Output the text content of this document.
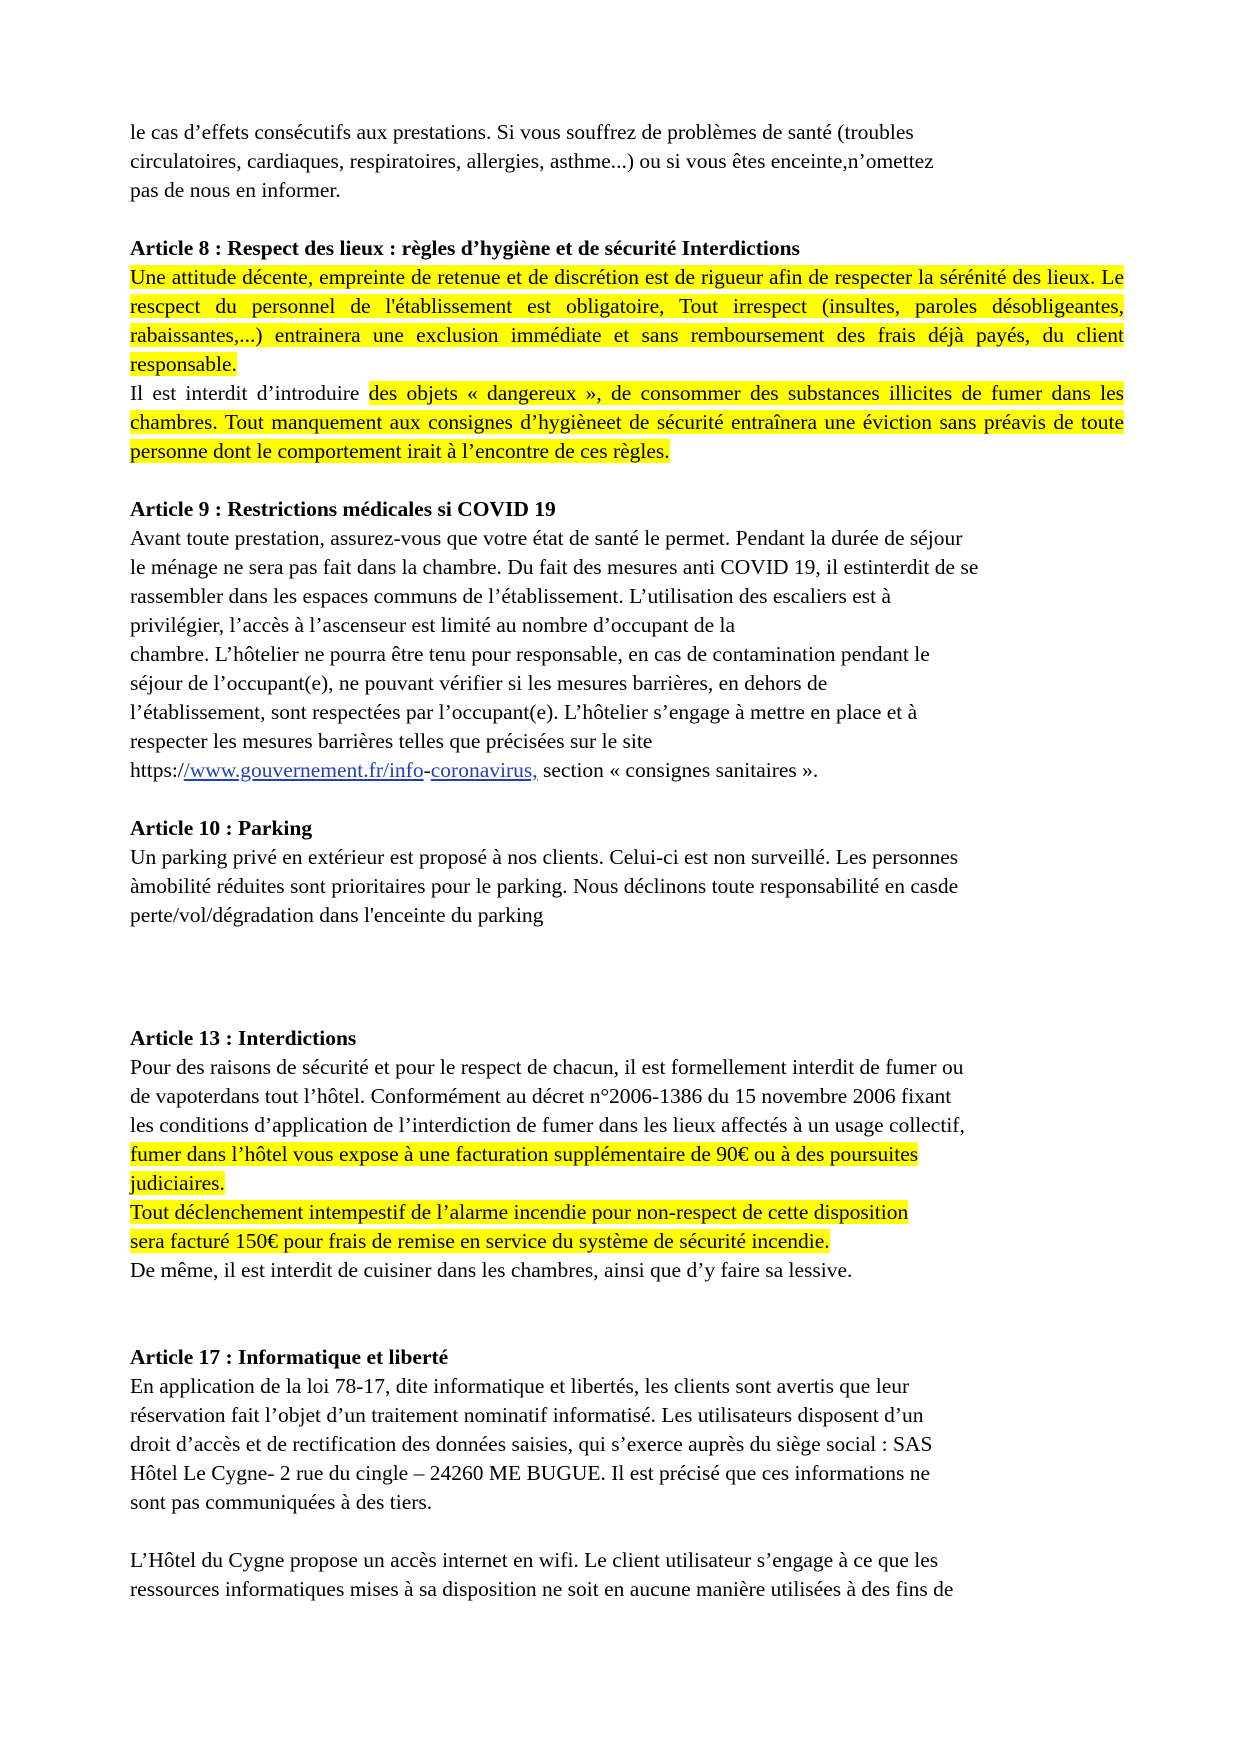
le cas d’effets consécutifs aux prestations. Si vous souffrez de problèmes de santé (troubles

circulatoires, cardiaques, respiratoires, allergies, asthme...) ou si vous êtes enceinte,n’omettez

pas de nous en informer.

Article 8 : Respect des lieux : règles d’hygiène et de sécurité Interdictions

Une attitude décente, empreinte de retenue et de discrétion est de rigueur afin de respecter la sérénité des lieux. Le rescpect du personnel de l'établissement est obligatoire, Tout irrespect (insultes, paroles désobligeantes, rabaissantes,...) entrainera une exclusion immédiate et sans remboursement des frais déjà payés, du client responsable.

Il est interdit d’introduire des objets « dangereux », de consommer des substances illicites de fumer dans les chambres. Tout manquement aux consignes d’hygièneet de sécurité entraînera une éviction sans préavis de toute personne dont le comportement irait à l’encontre de ces règles.

Article 9 : Restrictions médicales si COVID 19

Avant toute prestation, assurez-vous que votre état de santé le permet. Pendant la durée de séjour

le ménage ne sera pas fait dans la chambre. Du fait des mesures anti COVID 19, il estinterdit de se

rassembler dans les espaces communs de l’établissement. L’utilisation des escaliers est à

privilégier, l’accès à l’ascenseur est limité au nombre d’occupant de la

chambre. L’hôtelier ne pourra être tenu pour responsable, en cas de contamination pendant le

séjour de l’occupant(e), ne pouvant vérifier si les mesures barrières, en dehors de

l’établissement, sont respectées par l’occupant(e). L’hôtelier s’engage à mettre en place et à

respecter les mesures barrières telles que précisées sur le site

https://www.gouvernement.fr/info-coronavirus, section « consignes sanitaires ».

Article 10 : Parking

Un parking privé en extérieur est proposé à nos clients. Celui-ci est non surveillé. Les personnes

àmobilité réduites sont prioritaires pour le parking. Nous déclinons toute responsabilité en casde

perte/vol/dégradation dans l'enceinte du parking

Article 13 : Interdictions

Pour des raisons de sécurité et pour le respect de chacun, il est formellement interdit de fumer ou

de vapoterdans tout l’hôtel. Conformément au décret n°2006-1386 du 15 novembre 2006 fixant

les conditions d’application de l’interdiction de fumer dans les lieux affectés à un usage collectif,

fumer dans l’hôtel vous expose à une facturation supplémentaire de 90€ ou à des poursuites

judiciaires.

Tout déclenchement intempestif de l’alarme incendie pour non-respect de cette disposition

sera facturé 150€ pour frais de remise en service du système de sécurité incendie.

De même, il est interdit de cuisiner dans les chambres, ainsi que d’y faire sa lessive.

Article 17 : Informatique et liberté

En application de la loi 78-17, dite informatique et libertés, les clients sont avertis que leur

réservation fait l’objet d’un traitement nominatif informatisé. Les utilisateurs disposent d’un

droit d’accès et de rectification des données saisies, qui s’exerce auprès du siège social : SAS

Hôtel Le Cygne- 2 rue du cingle – 24260 ME BUGUE. Il est précisé que ces informations ne

sont pas communiquées à des tiers.

L’Hôtel du Cygne propose un accès internet en wifi. Le client utilisateur s’engage à ce que les

ressources informatiques mises à sa disposition ne soit en aucune manière utilisées à des fins de
